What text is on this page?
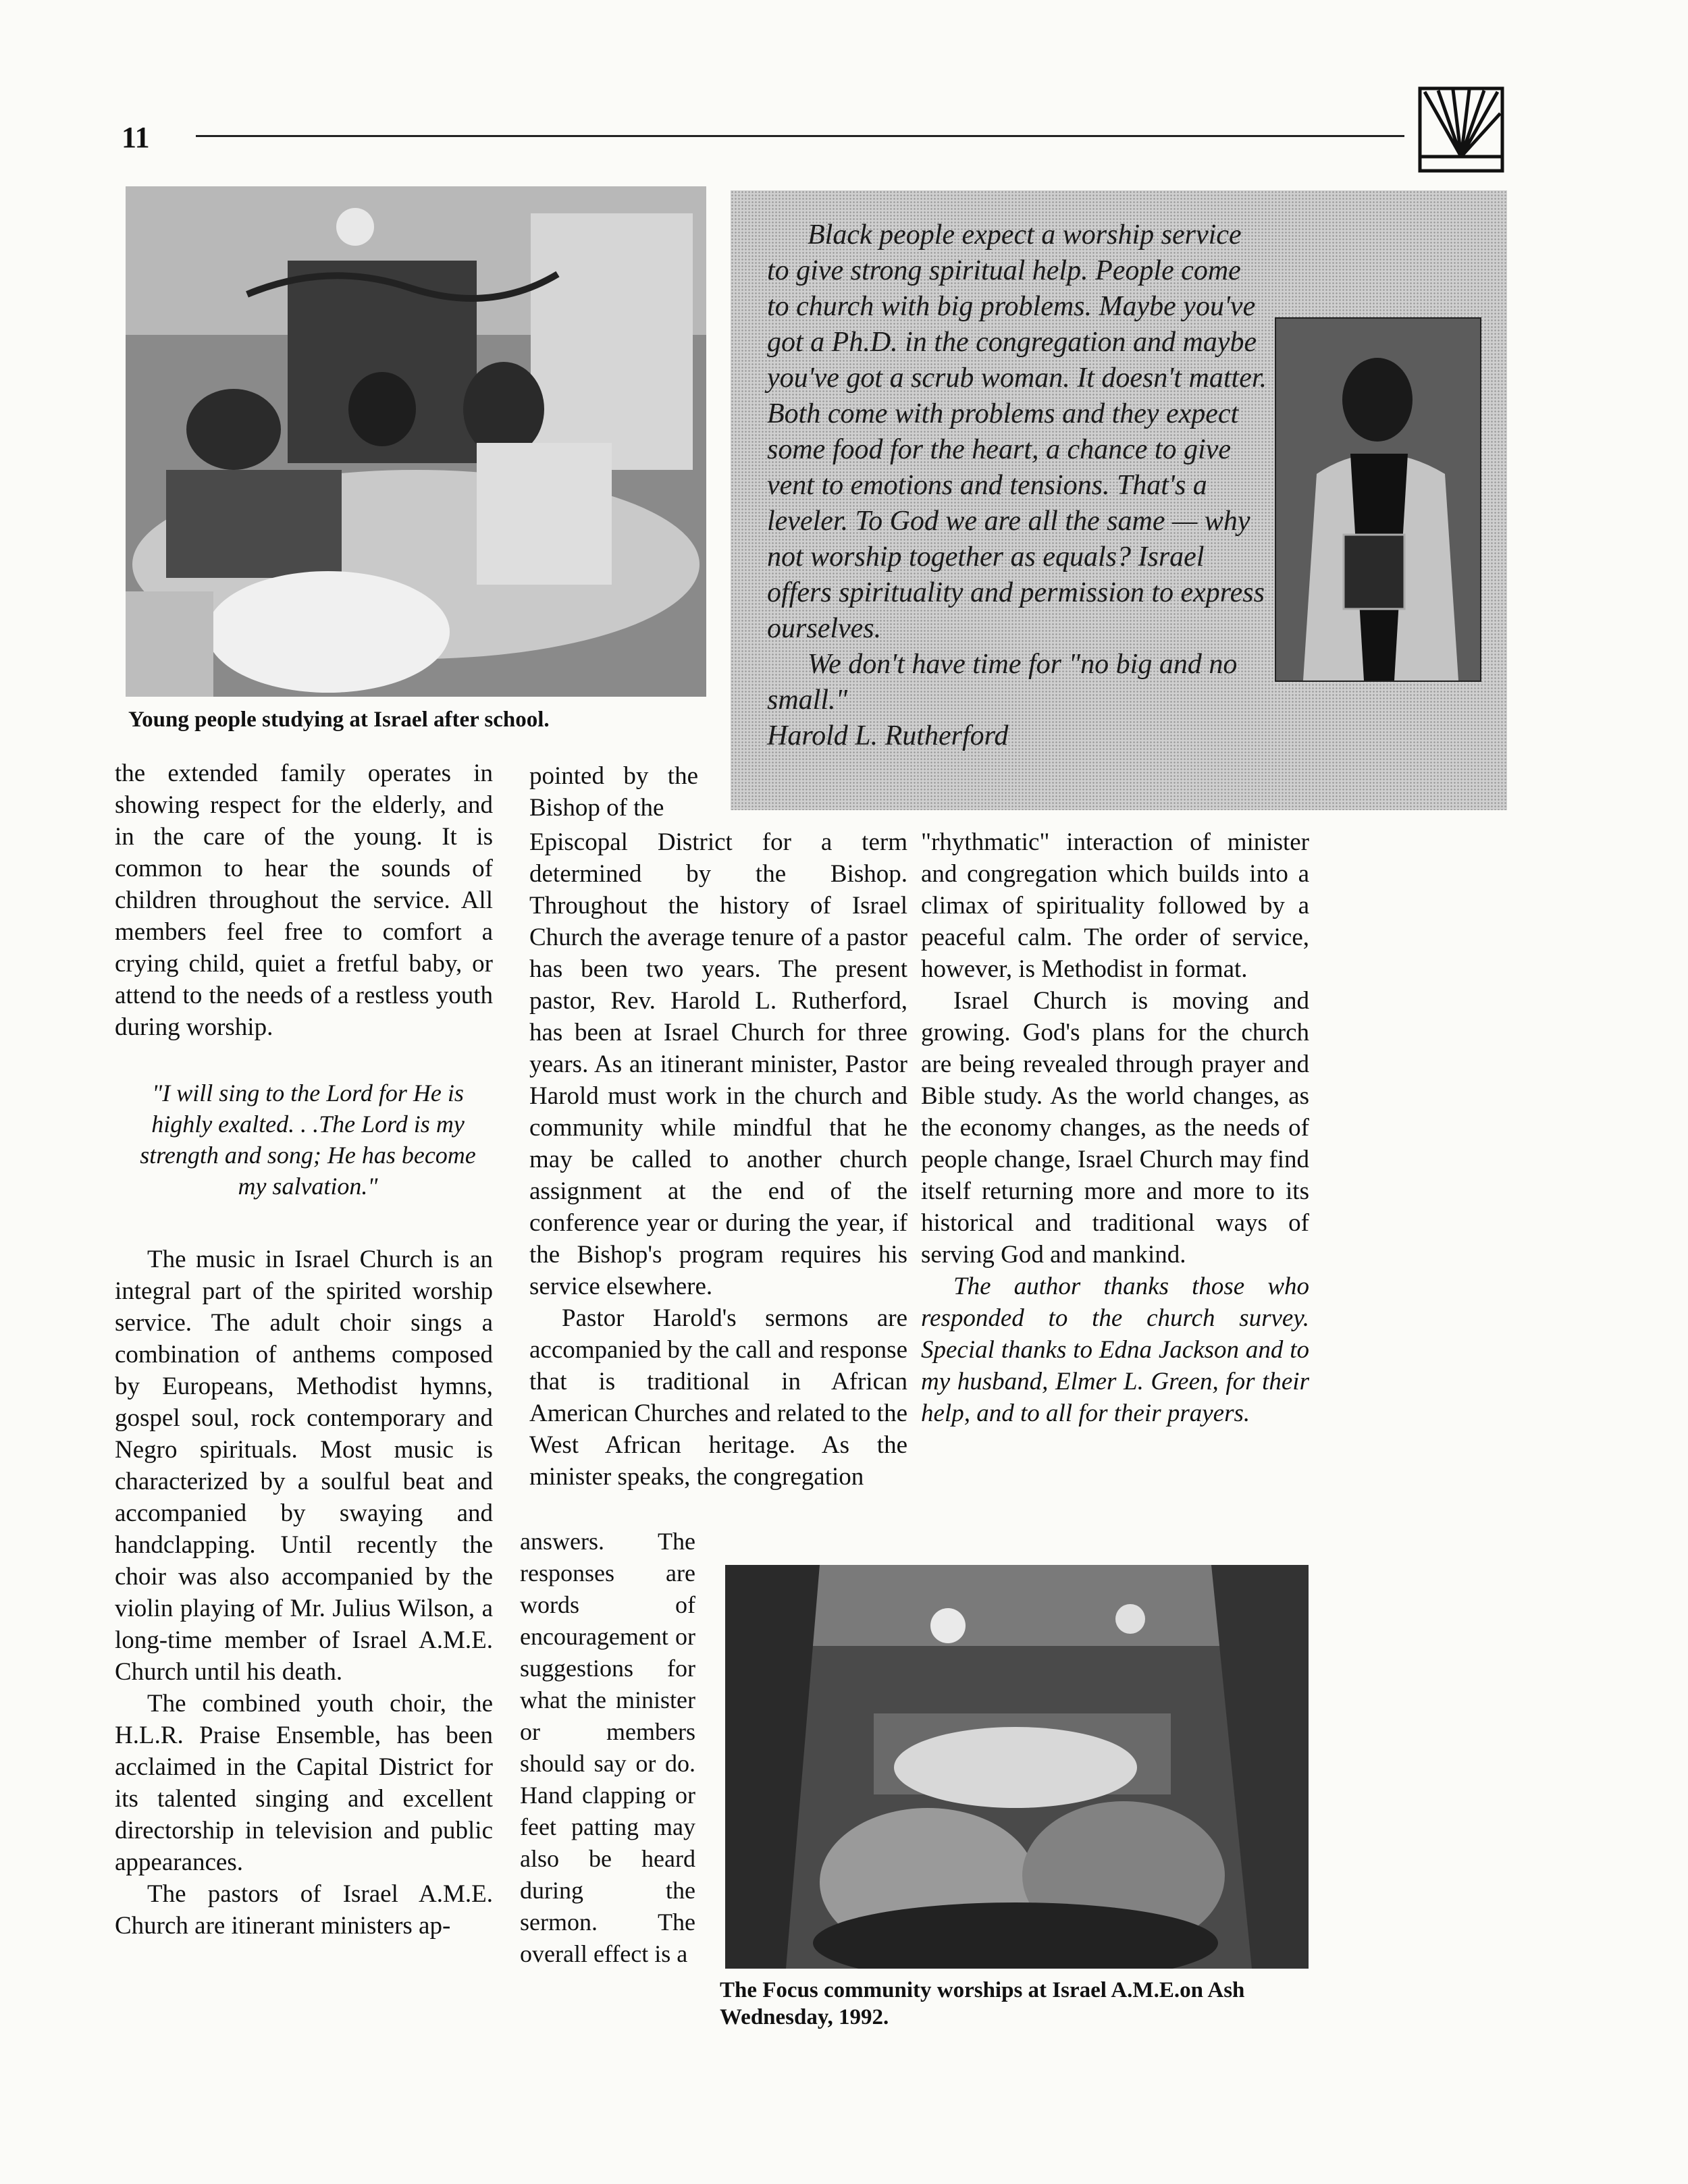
11
Young people studying at Israel after school.

Black people expect a worship service to give strong spiritual help. People come to church with big problems. Maybe you've got a Ph.D. in the congregation and maybe you've got a scrub woman. It doesn't matter. Both come with problems and they expect some food for the heart, a chance to give vent to emotions and tensions. That's a leveler. To God we are all the same — why not worship together as equals? Israel offers spirituality and permission to express ourselves.

We don't have time for "no big and no small."

Harold L. Rutherford

the extended family operates in showing respect for the elderly, and in the care of the young. It is common to hear the sounds of children throughout the service. All members feel free to comfort a crying child, quiet a fretful baby, or attend to the needs of a restless youth during worship.

"I will sing to the Lord for He is highly exalted. . .The Lord is my strength and song; He has become my salvation."

The music in Israel Church is an integral part of the spirited worship service. The adult choir sings a combination of anthems composed by Europeans, Methodist hymns, gospel soul, rock contemporary and Negro spirituals. Most music is characterized by a soulful beat and accompanied by swaying and handclapping. Until recently the choir was also accompanied by the violin playing of Mr. Julius Wilson, a long-time member of Israel A.M.E. Church until his death.

The combined youth choir, the H.L.R. Praise Ensemble, has been acclaimed in the Capital District for its talented singing and excellent directorship in television and public appearances.

The pastors of Israel A.M.E. Church are itinerant ministers ap-

pointed by the Bishop of the

Episcopal District for a term determined by the Bishop. Throughout the history of Israel Church the average tenure of a pastor has been two years. The present pastor, Rev. Harold L. Rutherford, has been at Israel Church for three years. As an itinerant minister, Pastor Harold must work in the church and community while mindful that he may be called to another church assignment at the end of the conference year or during the year, if the Bishop's program requires his service elsewhere.

Pastor Harold's sermons are accompanied by the call and response that is traditional in African American Churches and related to the West African heritage. As the minister speaks, the congregation

answers. The responses are words of encouragement or suggestions for what the minister or members should say or do. Hand clapping or feet patting may also be heard during the sermon. The overall effect is a

"rhythmatic" interaction of minister and congregation which builds into a climax of spirituality followed by a peaceful calm. The order of service, however, is Methodist in format.

Israel Church is moving and growing. God's plans for the church are being revealed through prayer and Bible study. As the world changes, as the economy changes, as the needs of people change, Israel Church may find itself returning more and more to its historical and traditional ways of serving God and mankind.

The author thanks those who responded to the church survey. Special thanks to Edna Jackson and to my husband, Elmer L. Green, for their help, and to all for their prayers.

The Focus community worships at Israel A.M.E.on Ash Wednesday, 1992.
